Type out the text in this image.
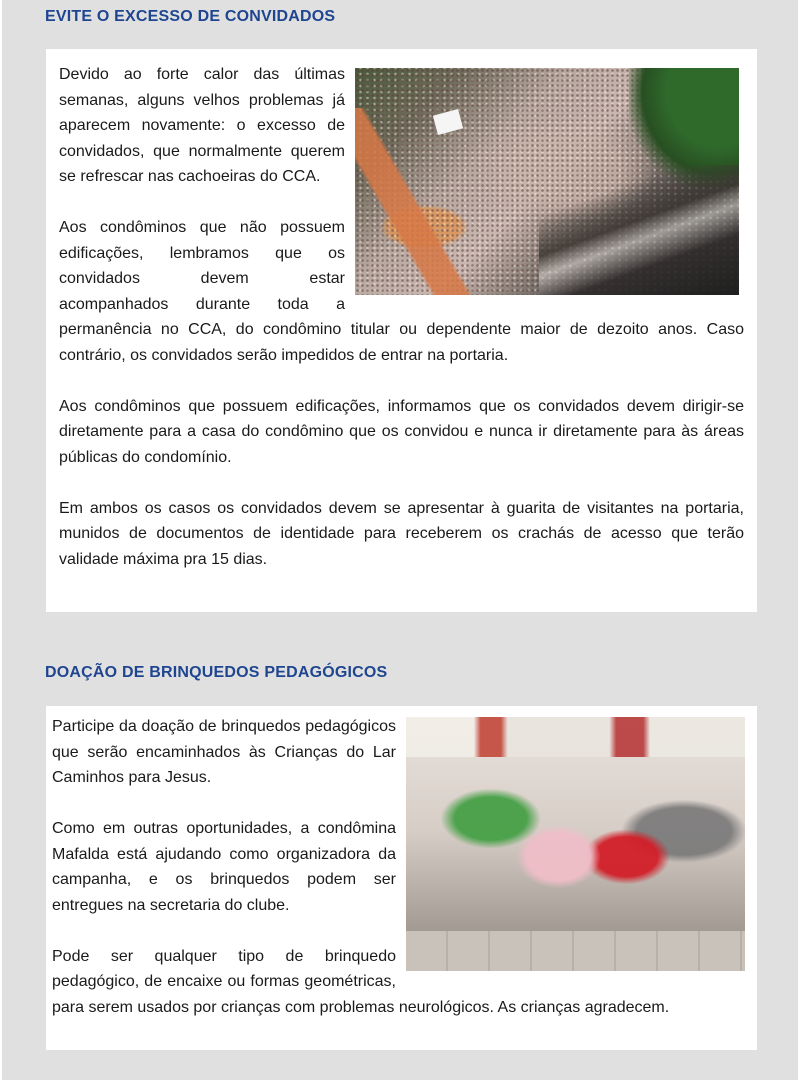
EVITE O EXCESSO DE CONVIDADOS

Devido ao forte calor das últimas semanas, alguns velhos problemas já aparecem novamente: o excesso de convidados, que normalmente querem se refrescar nas cachoeiras do CCA.

Aos condôminos que não possuem edificações, lembramos que os convidados devem estar acompanhados durante toda a permanência no CCA, do condômino titular ou dependente maior de dezoito anos. Caso contrário, os convidados serão impedidos de entrar na portaria.

Aos condôminos que possuem edificações, informamos que os convidados devem dirigir-se diretamente para a casa do condômino que os convidou e nunca ir diretamente para às áreas públicas do condomínio.

Em ambos os casos os convidados devem se apresentar à guarita de visitantes na portaria, munidos de documentos de identidade para receberem os crachás de acesso que terão validade máxima pra 15 dias.

DOAÇÃO DE BRINQUEDOS PEDAGÓGICOS

Participe da doação de brinquedos pedagógicos que serão encaminhados às Crianças do Lar Caminhos para Jesus.

Como em outras oportunidades, a condômina Mafalda está ajudando como organizadora da campanha, e os brinquedos podem ser entregues na secretaria do clube.

Pode ser qualquer tipo de brinquedo pedagógico, de encaixe ou formas geométricas, para serem usados por crianças com problemas neurológicos. As crianças agradecem.
